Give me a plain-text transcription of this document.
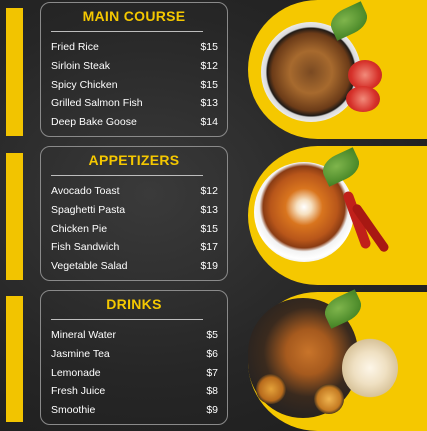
MAIN COURSE
Fried Rice	$15
Sirloin Steak	$12
Spicy Chicken	$15
Grilled Salmon Fish	$13
Deep Bake Goose	$14
APPETIZERS
Avocado Toast	$12
Spaghetti Pasta	$13
Chicken Pie	$15
Fish Sandwich	$17
Vegetable Salad	$19
DRINKS
Mineral Water	$5
Jasmine Tea	$6
Lemonade	$7
Fresh Juice	$8
Smoothie	$9
